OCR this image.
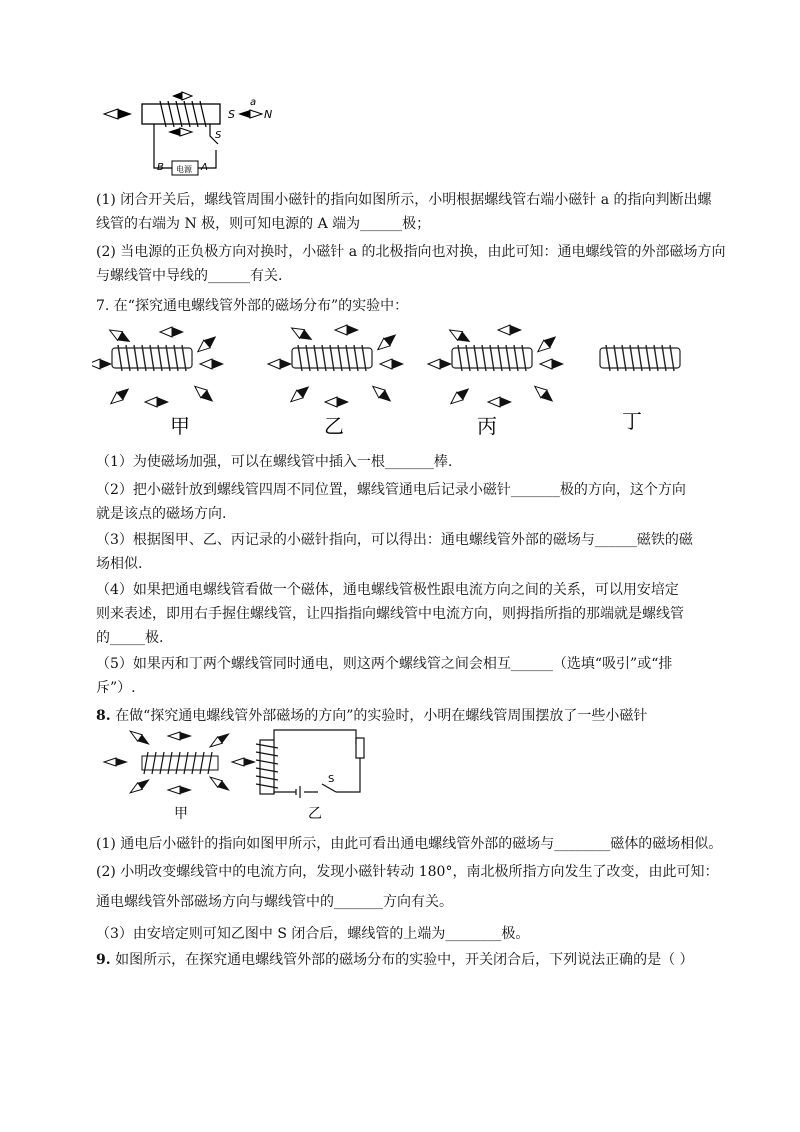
S
a
N
S
电源
B	A
(1) 闭合开关后，螺线管周围小磁针的指向如图所示，小明根据螺线管右端小磁针 a 的指向判断出螺
线管的右端为 N 极，则可知电源的 A 端为______极；
(2) 当电源的正负极方向对换时，小磁针 a 的北极指向也对换，由此可知：通电螺线管的外部磁场方向
与螺线管中导线的______有关.
7. 在“探究通电螺线管外部的磁场分布”的实验中：
甲	乙	丙	丁
（1）为使磁场加强，可以在螺线管中插入一根_______棒.
（2）把小磁针放到螺线管四周不同位置，螺线管通电后记录小磁针_______极的方向，这个方向
就是该点的磁场方向.
（3）根据图甲、乙、丙记录的小磁针指向，可以得出：通电螺线管外部的磁场与______磁铁的磁
场相似.
（4）如果把通电螺线管看做一个磁体，通电螺线管极性跟电流方向之间的关系，可以用安培定
则来表述，即用右手握住螺线管，让四指指向螺线管中电流方向，则拇指所指的那端就是螺线管
的_____极.
（5）如果丙和丁两个螺线管同时通电，则这两个螺线管之间会相互______（选填“吸引”或“排
斥”）.
8. 在做“探究通电螺线管外部磁场的方向”的实验时，小明在螺线管周围摆放了一些小磁针
甲
S
乙
(1) 通电后小磁针的指向如图甲所示，由此可看出通电螺线管外部的磁场与________磁体的磁场相似。
(2) 小明改变螺线管中的电流方向，发现小磁针转动 180°，南北极所指方向发生了改变，由此可知：
通电螺线管外部磁场方向与螺线管中的_______方向有关。
（3）由安培定则可知乙图中 S 闭合后，螺线管的上端为________极。
9. 如图所示，在探究通电螺线管外部的磁场分布的实验中，开关闭合后，下列说法正确的是（ ）
